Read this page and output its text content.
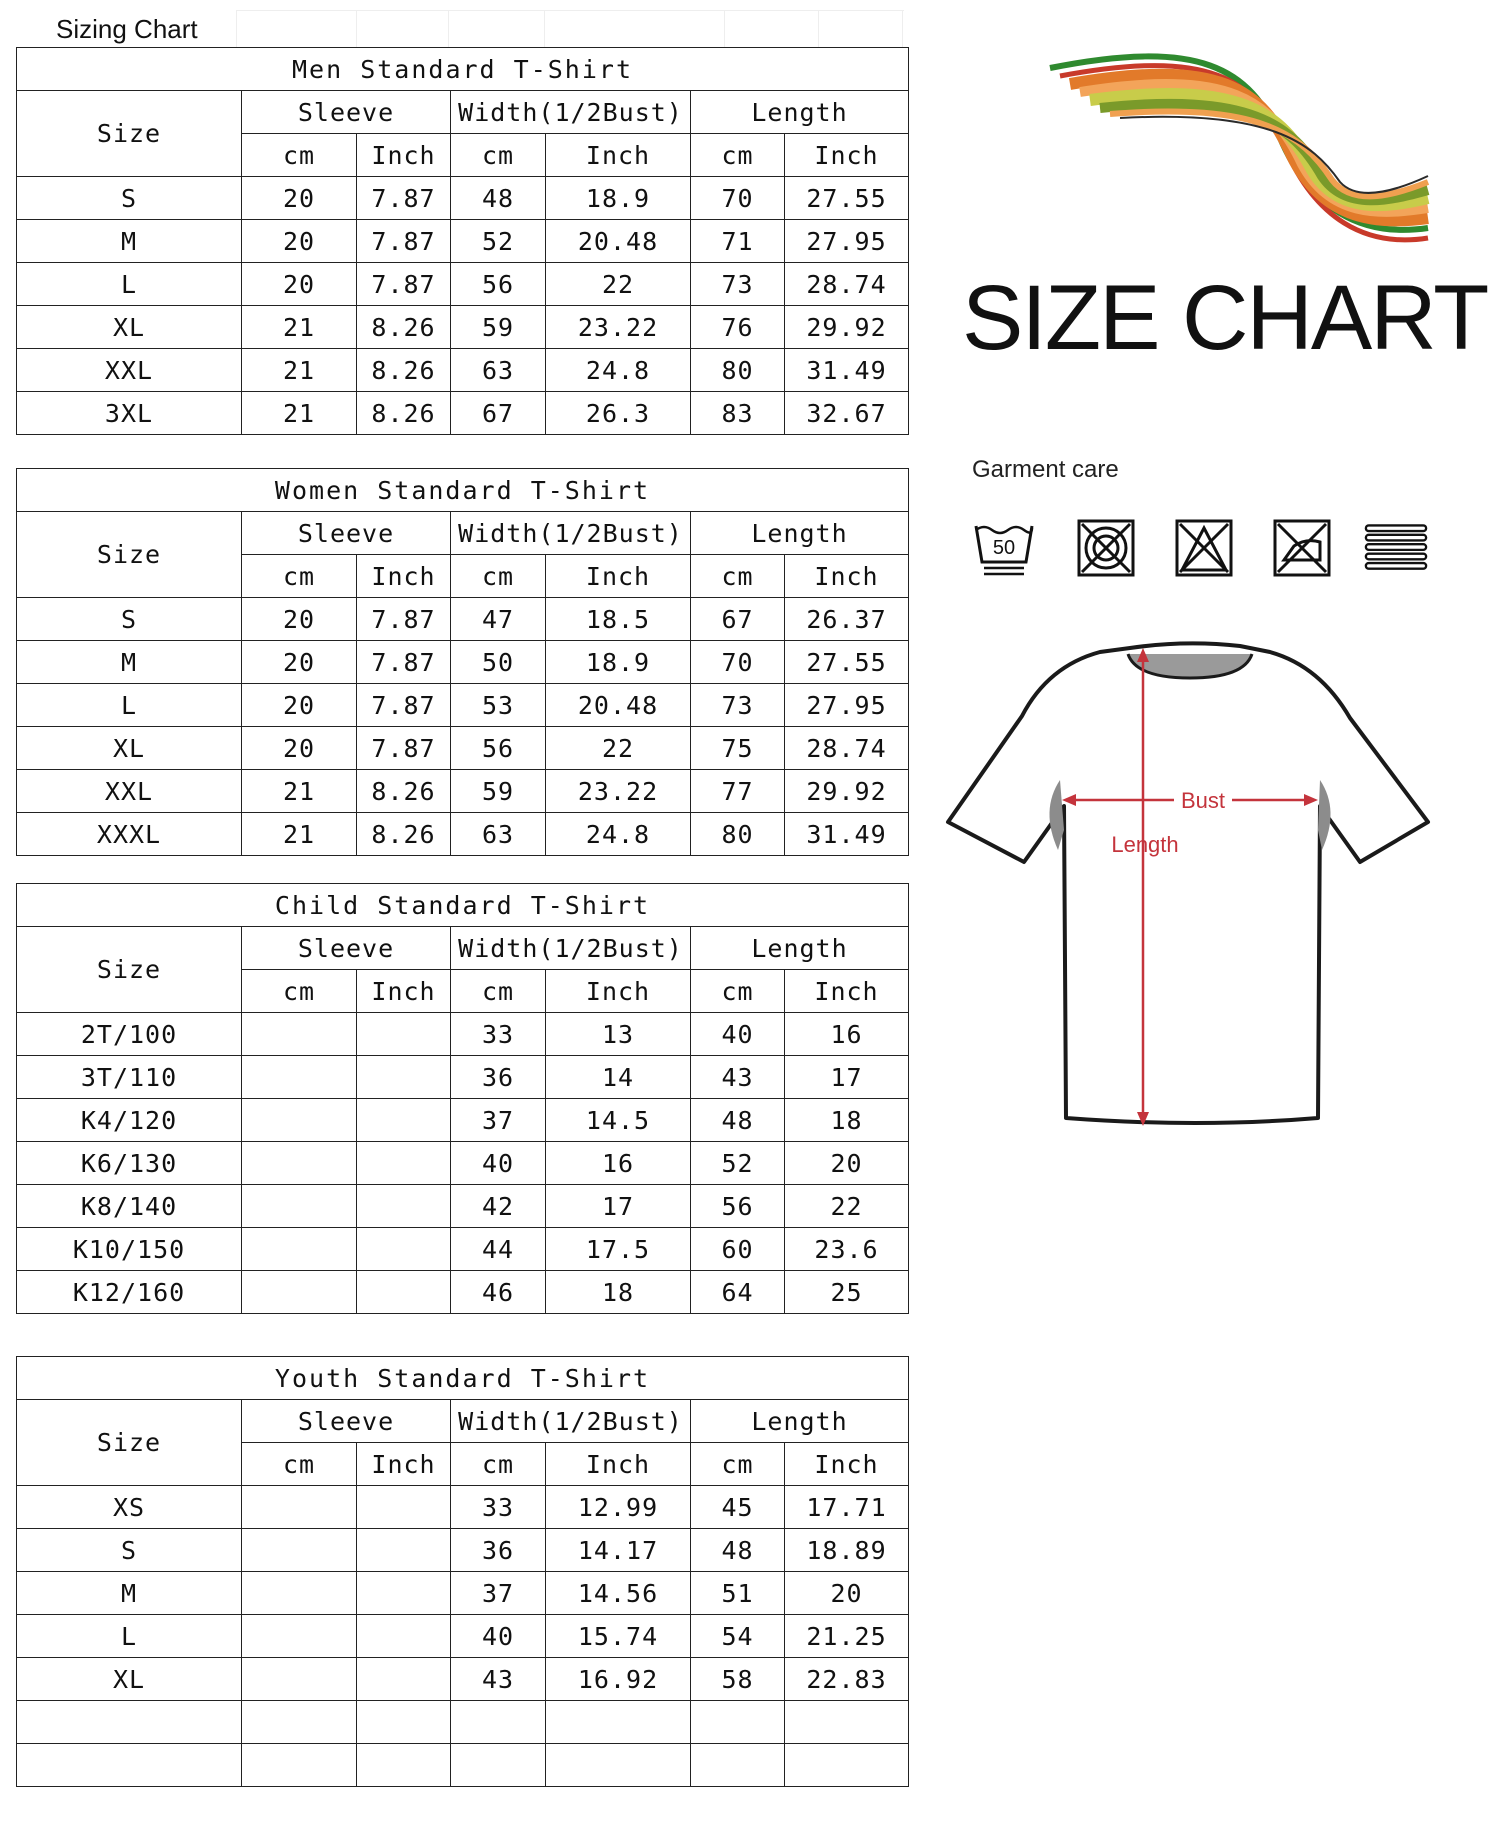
Sizing Chart
Men Standard T-Shirt						
Size	Sleeve		Width(1/2Bust)		Length	
	cm	Inch	cm	Inch	cm	Inch
S	20	7.87	48	18.9	70	27.55
M	20	7.87	52	20.48	71	27.95
L	20	7.87	56	22	73	28.74
XL	21	8.26	59	23.22	76	29.92
XXL	21	8.26	63	24.8	80	31.49
3XL	21	8.26	67	26.3	83	32.67
Women Standard T-Shirt						
Size	Sleeve		Width(1/2Bust)		Length	
	cm	Inch	cm	Inch	cm	Inch
S	20	7.87	47	18.5	67	26.37
M	20	7.87	50	18.9	70	27.55
L	20	7.87	53	20.48	73	27.95
XL	20	7.87	56	22	75	28.74
XXL	21	8.26	59	23.22	77	29.92
XXXL	21	8.26	63	24.8	80	31.49
Child Standard T-Shirt						
Size	Sleeve		Width(1/2Bust)		Length	
	cm	Inch	cm	Inch	cm	Inch
2T/100			33	13	40	16
3T/110			36	14	43	17
K4/120			37	14.5	48	18
K6/130			40	16	52	20
K8/140			42	17	56	22
K10/150			44	17.5	60	23.6
K12/160			46	18	64	25
Youth Standard T-Shirt						
Size	Sleeve		Width(1/2Bust)		Length	
	cm	Inch	cm	Inch	cm	Inch
XS			33	12.99	45	17.71
S			36	14.17	48	18.89
M			37	14.56	51	20
L			40	15.74	54	21.25
XL			43	16.92	58	22.83

SIZE CHART
Garment care
50
Bust
Length
